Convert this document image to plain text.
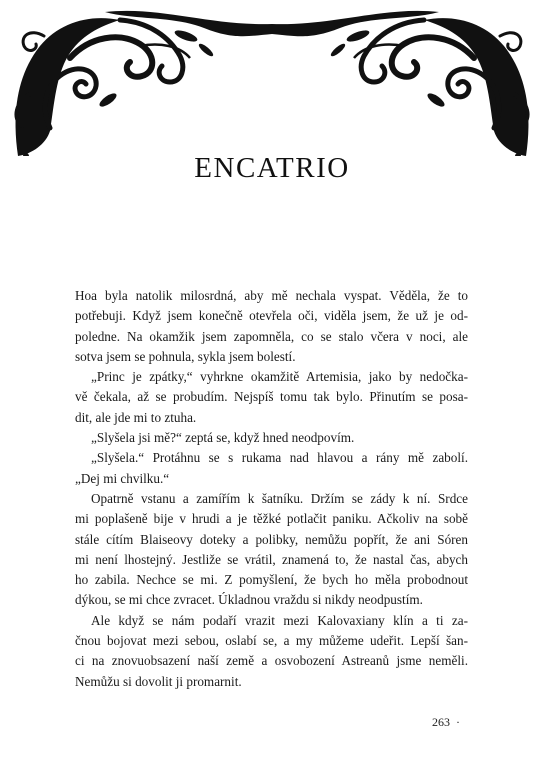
ENCATRIO
Hoa byla natolik milosrdná, aby mě nechala vyspat. Věděla, že to
potřebuji. Když jsem konečně otevřela oči, viděla jsem, že už je od-
poledne. Na okamžik jsem zapomněla, co se stalo včera v noci, ale
sotva jsem se pohnula, sykla jsem bolestí.
„Princ je zpátky,“ vyhrkne okamžitě Artemisia, jako by nedočka-
vě čekala, až se probudím. Nejspíš tomu tak bylo. Přinutím se posa-
dit, ale jde mi to ztuha.
„Slyšela jsi mě?“ zeptá se, když hned neodpovím.
„Slyšela.“ Protáhnu se s rukama nad hlavou a rány mě zabolí.
„Dej mi chvilku.“
Opatrně vstanu a zamířím k šatníku. Držím se zády k ní. Srdce
mi poplašeně bije v hrudi a je těžké potlačit paniku. Ačkoliv na sobě
stále cítím Blaiseovy doteky a polibky, nemůžu popřít, že ani Sóren
mi není lhostejný. Jestliže se vrátil, znamená to, že nastal čas, abych
ho zabila. Nechce se mi. Z pomyšlení, že bych ho měla probodnout
dýkou, se mi chce zvracet. Úkladnou vraždu si nikdy neodpustím.
Ale když se nám podaří vrazit mezi Kalovaxiany klín a ti za-
čnou bojovat mezi sebou, oslabí se, a my můžeme udeřit. Lepší šan-
ci na znovuobsazení naší země a osvobození Astreanů jsme neměli.
Nemůžu si dovolit ji promarnit.
263 ·
